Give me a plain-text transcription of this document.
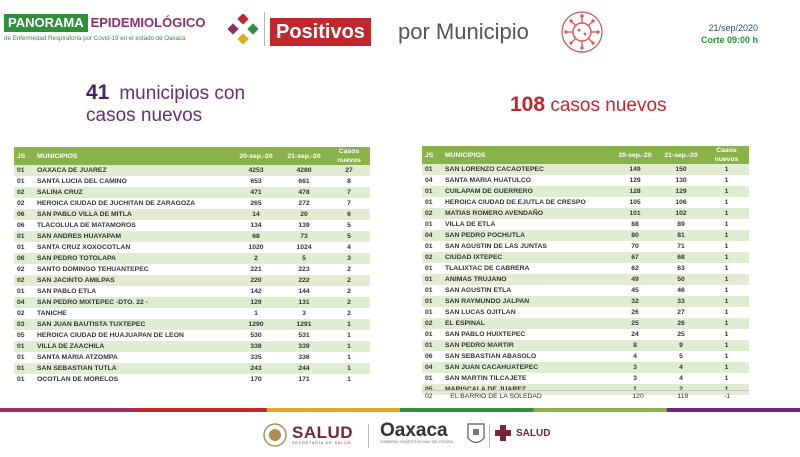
PANORAMA EPIDEMIOLÓGICO
de Enfermedad Respiratoria por Covid-19 en el estado de Oaxaca	Positivos por Municipio	21/sep/2020
Corte 09:00 h
41 municipios con
casos nuevos	108 casos nuevos
JS	MUNICIPIOS	20-sep.-20	21-sep.-20	Casos nuevos
01	OAXACA DE JUAREZ	4253	4280	27
01	SANTA LUCIA DEL CAMINO	653	661	8
02	SALINA CRUZ	471	478	7
02	HEROICA CIUDAD DE JUCHITAN DE ZARAGOZA	265	272	7
06	SAN PABLO VILLA DE MITLA	14	20	6
06	TLACOLULA DE MATAMOROS	134	139	5
01	SAN ANDRES HUAYAPAM	68	73	5
01	SANTA CRUZ XOXOCOTLAN	1020	1024	4
06	SAN PEDRO TOTOLAPA	2	5	3
02	SANTO DOMINGO TEHUANTEPEC	221	223	2
02	SAN JACINTO AMILPAS	220	222	2
01	SAN PABLO ETLA	142	144	2
04	SAN PEDRO MIXTEPEC -DTO. 22 -	129	131	2
02	TANICHE	1	3	2
03	SAN JUAN BAUTISTA TUXTEPEC	1290	1291	1
05	HEROICA CIUDAD DE HUAJUAPAN DE LEON	530	531	1
01	VILLA DE ZAACHILA	338	339	1
01	SANTA MARIA ATZOMPA	335	336	1
01	SAN SEBASTIAN TUTLA	243	244	1
01	OCOTLAN DE MORELOS	170	171	1
JS	MUNICIPIOS	20-sep.-20	21-sep.-20	Casos nuevos
01	SAN LORENZO CACAOTEPEC	149	150	1
04	SANTA MARIA HUATULCO	129	130	1
01	CUILAPAM DE GUERRERO	128	129	1
01	HEROICA CIUDAD DE EJUTLA DE CRESPO	105	106	1
02	MATIAS ROMERO AVENDAÑO	101	102	1
01	VILLA DE ETLA	88	89	1
04	SAN PEDRO POCHUTLA	80	81	1
01	SAN AGUSTIN DE LAS JUNTAS	70	71	1
02	CIUDAD IXTEPEC	67	68	1
01	TLALIXTAC DE CABRERA	62	63	1
01	ANIMAS TRUJANO	49	50	1
01	SAN AGUSTIN ETLA	45	46	1
01	SAN RAYMUNDO JALPAN	32	33	1
01	SAN LUCAS OJITLAN	26	27	1
02	EL ESPINAL	25	26	1
01	SAN PABLO HUIXTEPEC	24	25	1
01	SAN PEDRO MARTIR	8	9	1
06	SAN SEBASTIAN ABASOLO	4	5	1
04	SAN JUAN CACAHUATEPEC	3	4	1
01	SAN MARTIN TILCAJETE	3	4	1
05	MARISCALA DE JUAREZ	1	2	1
02	EL BARRIO DE LA SOLEDAD	120	119	-1
SALUD
SECRETARÍA DE SALUD
Oaxaca
GOBIERNO CONSTITUCIONAL DEL ESTADO
SALUD
